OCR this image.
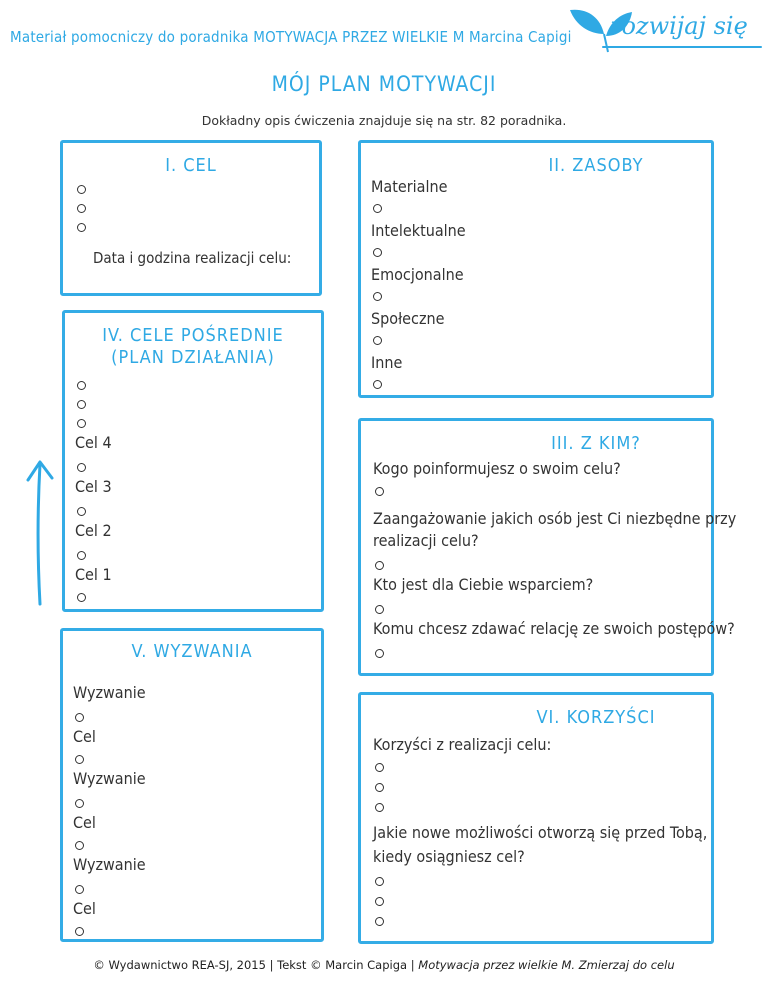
Materiał pomocniczy do poradnika MOTYWACJA PRZEZ WIELKIE M Marcina Capigi rozwijaj się
MÓJ PLAN MOTYWACJI
Dokładny opis ćwiczenia znajduje się na str. 82 poradnika.
I. CEL
Data i godzina realizacji celu:
II. ZASOBY
Materialne
Intelektualne
Emocjonalne
Społeczne
Inne
IV. CELE POŚREDNIE
(PLAN DZIAŁANIA)
Cel 4
Cel 3
Cel 2
Cel 1
III. Z KIM?
Kogo poinformujesz o swoim celu?
Zaangażowanie jakich osób jest Ci niezbędne przy
realizacji celu?
Kto jest dla Ciebie wsparciem?
Komu chcesz zdawać relację ze swoich postępów?
V. WYZWANIA
Wyzwanie
Cel
Wyzwanie
Cel
Wyzwanie
Cel
VI. KORZYŚCI
Korzyści z realizacji celu:
Jakie nowe możliwości otworzą się przed Tobą,
kiedy osiągniesz cel?
© Wydawnictwo REA-SJ, 2015 | Tekst © Marcin Capiga | Motywacja przez wielkie M. Zmierzaj do celu
